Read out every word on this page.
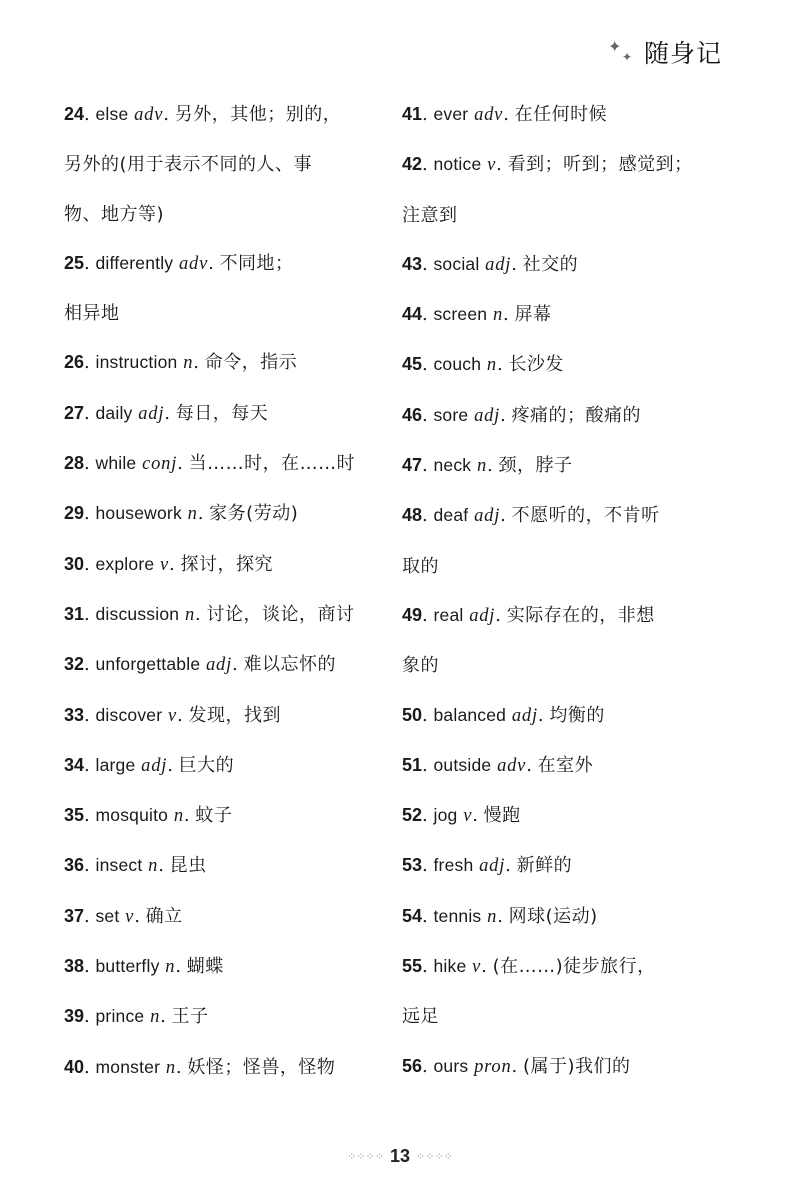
✦
✦ 随身记
24. else adv. 另外，其他；别的，
另外的(用于表示不同的人、事
物、地方等)
25. differently adv. 不同地；
相异地
26. instruction n. 命令，指示
27. daily adj. 每日，每天
28. while conj. 当……时，在……时
29. housework n. 家务(劳动)
30. explore v. 探讨，探究
31. discussion n. 讨论，谈论，商讨
32. unforgettable adj. 难以忘怀的
33. discover v. 发现，找到
34. large adj. 巨大的
35. mosquito n. 蚊子
36. insect n. 昆虫
37. set v. 确立
38. butterfly n. 蝴蝶
39. prince n. 王子
40. monster n. 妖怪；怪兽，怪物
41. ever adv. 在任何时候
42. notice v. 看到；听到；感觉到；
注意到
43. social adj. 社交的
44. screen n. 屏幕
45. couch n. 长沙发
46. sore adj. 疼痛的；酸痛的
47. neck n. 颈，脖子
48. deaf adj. 不愿听的，不肯听
取的
49. real adj. 实际存在的，非想
象的
50. balanced adj. 均衡的
51. outside adv. 在室外
52. jog v. 慢跑
53. fresh adj. 新鲜的
54. tennis n. 网球(运动)
55. hike v. (在……)徒步旅行，
远足
56. ours pron. (属于)我们的
⁘⁘⁘⁘ 13 ⁘⁘⁘⁘
